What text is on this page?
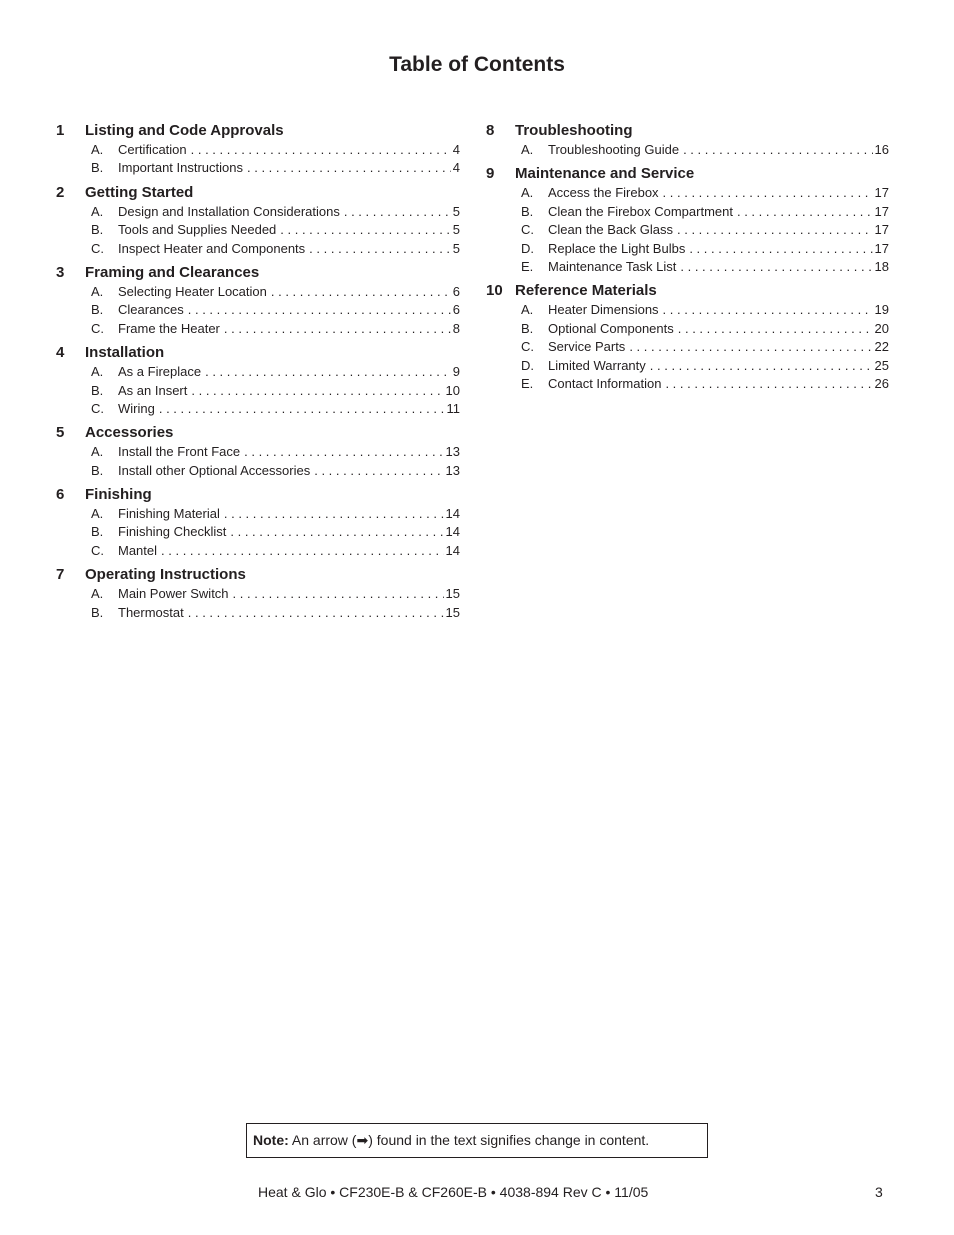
Table of Contents
1	Listing and Code Approvals
A.	Certification . . .	4
B.	Important Instructions . . .	4
2	Getting Started
A.	Design and Installation Considerations . . .	5
B.	Tools and Supplies Needed . . .	5
C.	Inspect Heater and Components . . .	5
3	Framing and Clearances
A.	Selecting Heater Location . . .	6
B.	Clearances . . .	6
C.	Frame the Heater . . .	8
4	Installation
A.	As a Fireplace . . .	9
B.	As an Insert . . .	10
C.	Wiring . . .	11
5	Accessories
A.	Install the Front Face . . .	13
B.	Install other Optional Accessories . . .	13
6	Finishing
A.	Finishing Material . . .	14
B.	Finishing Checklist . . .	14
C.	Mantel . . .	14
7	Operating Instructions
A.	Main Power Switch . . .	15
B.	Thermostat . . .	15
8	Troubleshooting
A.	Troubleshooting Guide . . .	16
9	Maintenance and Service
A.	Access the Firebox . . .	17
B.	Clean the Firebox Compartment . . .	17
C.	Clean the Back Glass . . .	17
D.	Replace the Light Bulbs . . .	17
E.	Maintenance Task List . . .	18
10 Reference Materials
A.	Heater Dimensions . . .	19
B.	Optional Components . . .	20
C.	Service Parts . . .	22
D.	Limited Warranty . . .	25
E.	Contact Information . . .	26
Note: An arrow (➡) found in the text signifies change in content.
Heat & Glo • CF230E-B & CF260E-B • 4038-894 Rev C • 11/05	3
